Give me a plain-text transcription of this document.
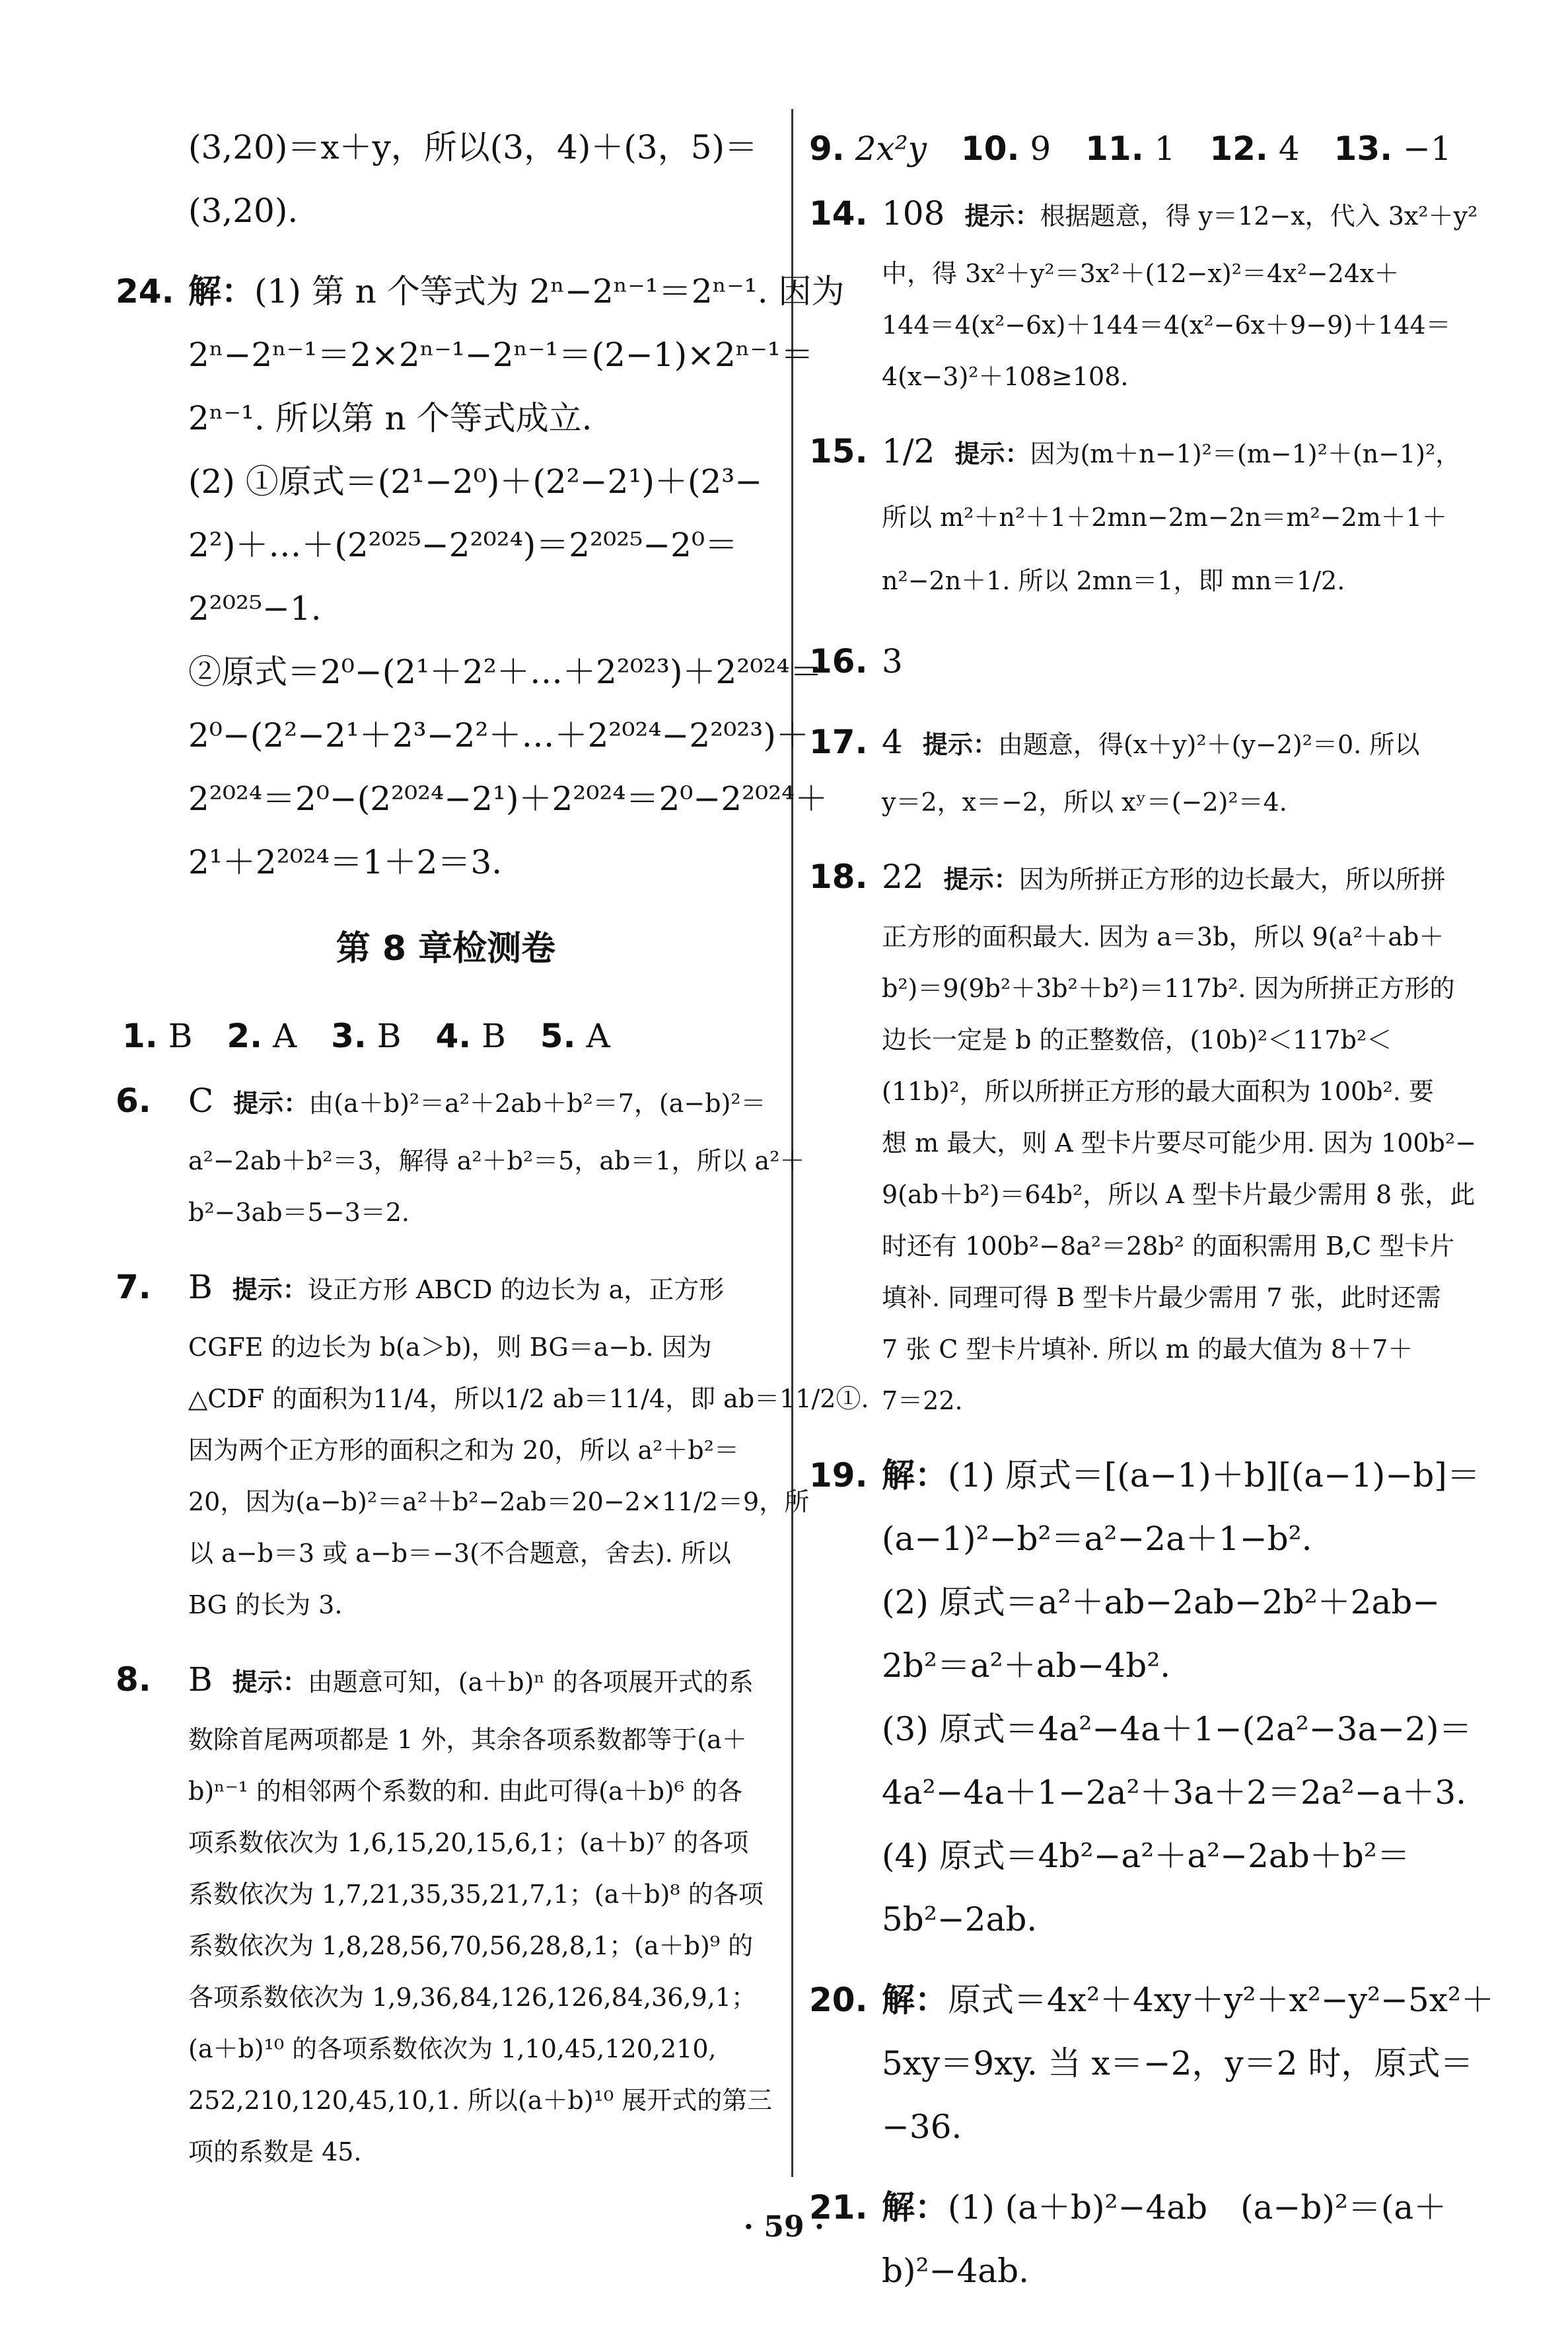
(3,20)＝x＋y，所以(3，4)＋(3，5)＝
(3,20).
24. 解：(1) 第 n 个等式为 2ⁿ−2ⁿ⁻¹＝2ⁿ⁻¹. 因为
2ⁿ−2ⁿ⁻¹＝2×2ⁿ⁻¹−2ⁿ⁻¹＝(2−1)×2ⁿ⁻¹＝
2ⁿ⁻¹. 所以第 n 个等式成立.
(2) ①原式＝(2¹−2⁰)＋(2²−2¹)＋(2³−
2²)＋…＋(2²⁰²⁵−2²⁰²⁴)＝2²⁰²⁵−2⁰＝
2²⁰²⁵−1.
②原式＝2⁰−(2¹＋2²＋…＋2²⁰²³)＋2²⁰²⁴＝
2⁰−(2²−2¹＋2³−2²＋…＋2²⁰²⁴−2²⁰²³)＋
2²⁰²⁴＝2⁰−(2²⁰²⁴−2¹)＋2²⁰²⁴＝2⁰−2²⁰²⁴＋
2¹＋2²⁰²⁴＝1＋2＝3.
第 8 章检测卷
1. B 2. A 3. B 4. B 5. A
6. C 提示：由(a＋b)²＝a²＋2ab＋b²＝7，(a−b)²＝
a²−2ab＋b²＝3，解得 a²＋b²＝5，ab＝1，所以 a²＋
b²−3ab＝5−3＝2.
7. B 提示：设正方形 ABCD 的边长为 a，正方形
CGFE 的边长为 b(a＞b)，则 BG＝a−b. 因为
△CDF 的面积为11/4，所以1/2 ab＝11/4，即 ab＝11/2①.
因为两个正方形的面积之和为 20，所以 a²＋b²＝
20，因为(a−b)²＝a²＋b²−2ab＝20−2×11/2＝9，所
以 a−b＝3 或 a−b＝−3(不合题意，舍去). 所以
BG 的长为 3.
8. B 提示：由题意可知，(a＋b)ⁿ 的各项展开式的系
数除首尾两项都是 1 外，其余各项系数都等于(a＋
b)ⁿ⁻¹ 的相邻两个系数的和. 由此可得(a＋b)⁶ 的各
项系数依次为 1,6,15,20,15,6,1；(a＋b)⁷ 的各项
系数依次为 1,7,21,35,35,21,7,1；(a＋b)⁸ 的各项
系数依次为 1,8,28,56,70,56,28,8,1；(a＋b)⁹ 的
各项系数依次为 1,9,36,84,126,126,84,36,9,1；
(a＋b)¹⁰ 的各项系数依次为 1,10,45,120,210,
252,210,120,45,10,1. 所以(a＋b)¹⁰ 展开式的第三
项的系数是 45.
9. 2x²y 10. 9 11. 1 12. 4 13. −1
14. 108 提示：根据题意，得 y＝12−x，代入 3x²＋y²
中，得 3x²＋y²＝3x²＋(12−x)²＝4x²−24x＋
144＝4(x²−6x)＋144＝4(x²−6x＋9−9)＋144＝
4(x−3)²＋108≥108.
15. 1/2 提示：因为(m＋n−1)²＝(m−1)²＋(n−1)²，
所以 m²＋n²＋1＋2mn−2m−2n＝m²−2m＋1＋
n²−2n＋1. 所以 2mn＝1，即 mn＝1/2.
16. 3
17. 4 提示：由题意，得(x＋y)²＋(y−2)²＝0. 所以
y＝2，x＝−2，所以 xʸ＝(−2)²＝4.
18. 22 提示：因为所拼正方形的边长最大，所以所拼
正方形的面积最大. 因为 a＝3b，所以 9(a²＋ab＋
b²)＝9(9b²＋3b²＋b²)＝117b². 因为所拼正方形的
边长一定是 b 的正整数倍，(10b)²＜117b²＜
(11b)²，所以所拼正方形的最大面积为 100b². 要
想 m 最大，则 A 型卡片要尽可能少用. 因为 100b²−
9(ab＋b²)＝64b²，所以 A 型卡片最少需用 8 张，此
时还有 100b²−8a²＝28b² 的面积需用 B,C 型卡片
填补. 同理可得 B 型卡片最少需用 7 张，此时还需
7 张 C 型卡片填补. 所以 m 的最大值为 8＋7＋
7＝22.
19. 解：(1) 原式＝[(a−1)＋b][(a−1)−b]＝
(a−1)²−b²＝a²−2a＋1−b².
(2) 原式＝a²＋ab−2ab−2b²＋2ab−
2b²＝a²＋ab−4b².
(3) 原式＝4a²−4a＋1−(2a²−3a−2)＝
4a²−4a＋1−2a²＋3a＋2＝2a²−a＋3.
(4) 原式＝4b²−a²＋a²−2ab＋b²＝
5b²−2ab.
20. 解：原式＝4x²＋4xy＋y²＋x²−y²−5x²＋
5xy＝9xy. 当 x＝−2，y＝2 时，原式＝
−36.
21. 解：(1) (a＋b)²−4ab　(a−b)²＝(a＋
b)²−4ab.
· 59 ·
